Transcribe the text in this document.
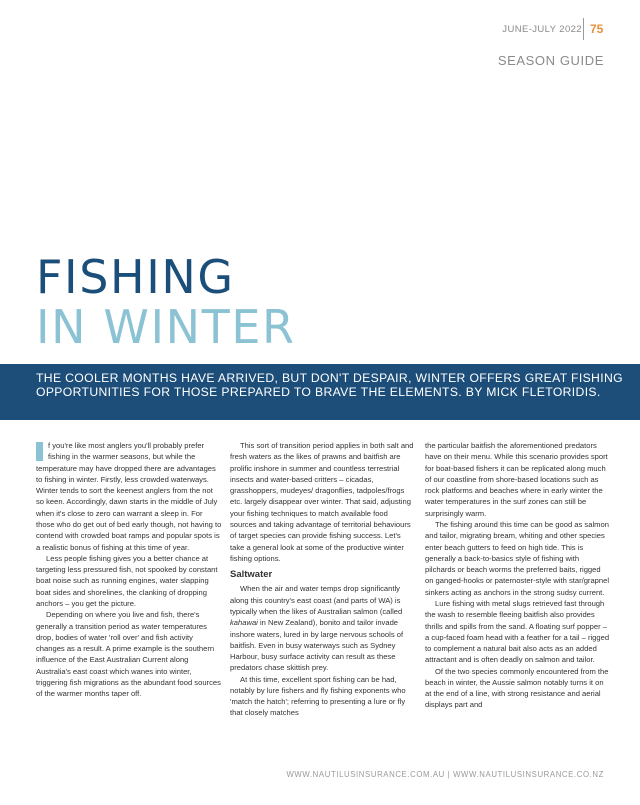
JUNE-JULY 2022 75
SEASON GUIDE
FISHING
IN WINTER

THE COOLER MONTHS HAVE ARRIVED, BUT DON'T DESPAIR, WINTER OFFERS GREAT FISHING OPPORTUNITIES FOR THOSE PREPARED TO BRAVE THE ELEMENTS. BY MICK FLETORIDIS.

f you're like most anglers you'll probably prefer fishing in the warmer seasons, but while the temperature may have dropped there are advantages to fishing in winter. Firstly, less crowded waterways. Winter tends to sort the keenest anglers from the not so keen. Accordingly, dawn starts in the middle of July when it's close to zero can warrant a sleep in. For those who do get out of bed early though, not having to contend with crowded boat ramps and popular spots is a realistic bonus of fishing at this time of year.

Less people fishing gives you a better chance at targeting less pressured fish, not spooked by constant boat noise such as running engines, water slapping boat sides and shorelines, the clanking of dropping anchors – you get the picture.

Depending on where you live and fish, there's generally a transition period as water temperatures drop, bodies of water 'roll over' and fish activity changes as a result. A prime example is the southern influence of the East Australian Current along Australia's east coast which wanes into winter, triggering fish migrations as the abundant food sources of the warmer months taper off.

This sort of transition period applies in both salt and fresh waters as the likes of prawns and baitfish are prolific inshore in summer and countless terrestrial insects and water-based critters – cicadas, grasshoppers, mudeyes/ dragonflies, tadpoles/frogs etc. largely disappear over winter. That said, adjusting your fishing techniques to match available food sources and taking advantage of territorial behaviours of target species can provide fishing success. Let's take a general look at some of the productive winter fishing options.

Saltwater

When the air and water temps drop significantly along this country's east coast (and parts of WA) is typically when the likes of Australian salmon (called kahawai in New Zealand), bonito and tailor invade inshore waters, lured in by large nervous schools of baitfish. Even in busy waterways such as Sydney Harbour, busy surface activity can result as these predators chase skittish prey.

At this time, excellent sport fishing can be had, notably by lure fishers and fly fishing exponents who 'match the hatch'; referring to presenting a lure or fly that closely matches

the particular baitfish the aforementioned predators have on their menu. While this scenario provides sport for boat-based fishers it can be replicated along much of our coastline from shore-based locations such as rock platforms and beaches where in early winter the water temperatures in the surf zones can still be surprisingly warm.

The fishing around this time can be good as salmon and tailor, migrating bream, whiting and other species enter beach gutters to feed on high tide. This is generally a back-to-basics style of fishing with pilchards or beach worms the preferred baits, rigged on ganged-hooks or paternoster-style with star/grapnel sinkers acting as anchors in the strong sudsy current.

Lure fishing with metal slugs retrieved fast through the wash to resemble fleeing baitfish also provides thrills and spills from the sand. A floating surf popper – a cup-faced foam head with a feather for a tail – rigged to complement a natural bait also acts as an added attractant and is often deadly on salmon and tailor.

Of the two species commonly encountered from the beach in winter, the Aussie salmon notably turns it on at the end of a line, with strong resistance and aerial displays part and

WWW.NAUTILUSINSURANCE.COM.AU | WWW.NAUTILUSINSURANCE.CO.NZ
